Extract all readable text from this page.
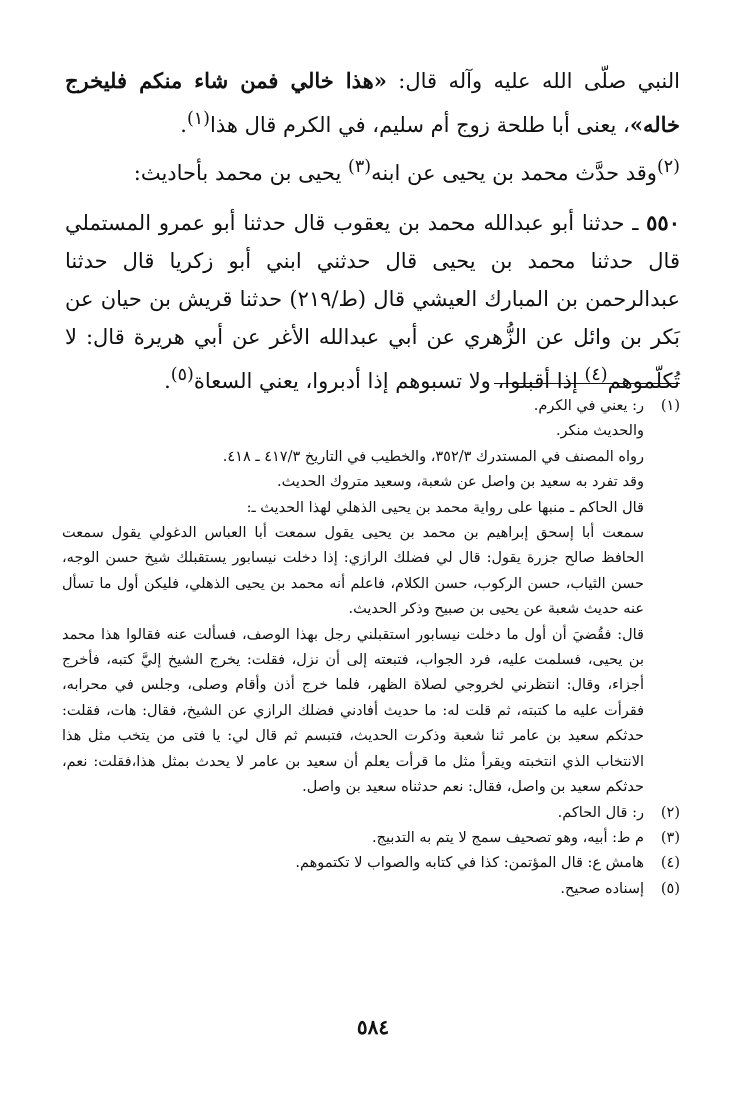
النبي صلّى الله عليه وآله قال: «هذا خالي فمن شاء منكم فليخرج خاله»، يعنى أبا طلحة زوج أم سليم، في الكرم قال هذا$^{(١)}$.

$^{(٢)}$وقد حدَّث محمد بن يحيى عن ابنه$^{(٣)}$ يحيى بن محمد بأحاديث:

٥٥٠ ـ حدثنا أبو عبدالله محمد بن يعقوب قال حدثنا أبو عمرو المستملي قال حدثنا محمد بن يحيى قال حدثني ابني أبو زكريا قال حدثنا عبدالرحمن بن المبارك العيشي قال (ط/٢١٩) حدثنا قريش بن حيان عن بَكر بن وائل عن الزُّهري عن أبي عبدالله الأغر عن أبي هريرة قال: لا تُكلّموهم$^{(٤)}$ إذا أقبلوا، ولا تسبوهم إذا أدبروا، يعني السعاة$^{(٥)}$.

(١)

ر: يعني في الكرم.

والحديث منكر.

رواه المصنف في المستدرك ٣٥٢/٣، والخطيب في التاريخ ٤١٧/٣ ـ ٤١٨.

وقد تفرد به سعيد بن واصل عن شعبة، وسعيد متروك الحديث.

قال الحاكم ـ منبها على رواية محمد بن يحيى الذهلي لهذا الحديث ـ:

سمعت أبا إسحق إبراهيم بن محمد بن يحيى يقول سمعت أبا العباس الدغولي يقول سمعت الحافظ صالح جزرة يقول: قال لي فضلك الرازي: إذا دخلت نيسابور يستقبلك شيخ حسن الوجه، حسن الثياب، حسن الركوب، حسن الكلام، فاعلم أنه محمد بن يحيى الذهلي، فليكن أول ما تسأل عنه حديث شعبة عن يحيى بن صبيح وذكر الحديث.

قال: فقُضيَ أن أول ما دخلت نيسابور استقبلني رجل بهذا الوصف، فسألت عنه فقالوا هذا محمد بن يحيى، فسلمت عليه، فرد الجواب، فتبعته إلى أن نزل، فقلت: يخرج الشيخ إليَّ كتبه، فأخرج أجزاء، وقال: انتظرني لخروجي لصلاة الظهر، فلما خرج أذن وأقام وصلى، وجلس في محرابه، فقرأت عليه ما كتبته، ثم قلت له: ما حديث أفادني فضلك الرازي عن الشيخ، فقال: هات، فقلت: حدثكم سعيد بن عامر ثنا شعبة وذكرت الحديث، فتبسم ثم قال لي: يا فتى من يتخب مثل هذا الانتخاب الذي انتخبته ويقرأ مثل ما قرأت يعلم أن سعيد بن عامر لا يحدث بمثل هذا،فقلت: نعم، حدثكم سعيد بن واصل، فقال: نعم حدثناه سعيد بن واصل.

(٢)

ر: قال الحاكم.

(٣)

م ط: أبيه، وهو تصحيف سمج لا يتم به التدبيج.

(٤)

هامش ع: قال المؤتمن: كذا في كتابه والصواب لا تكتموهم.

(٥)

إسناده صحيح.

٥٨٤
